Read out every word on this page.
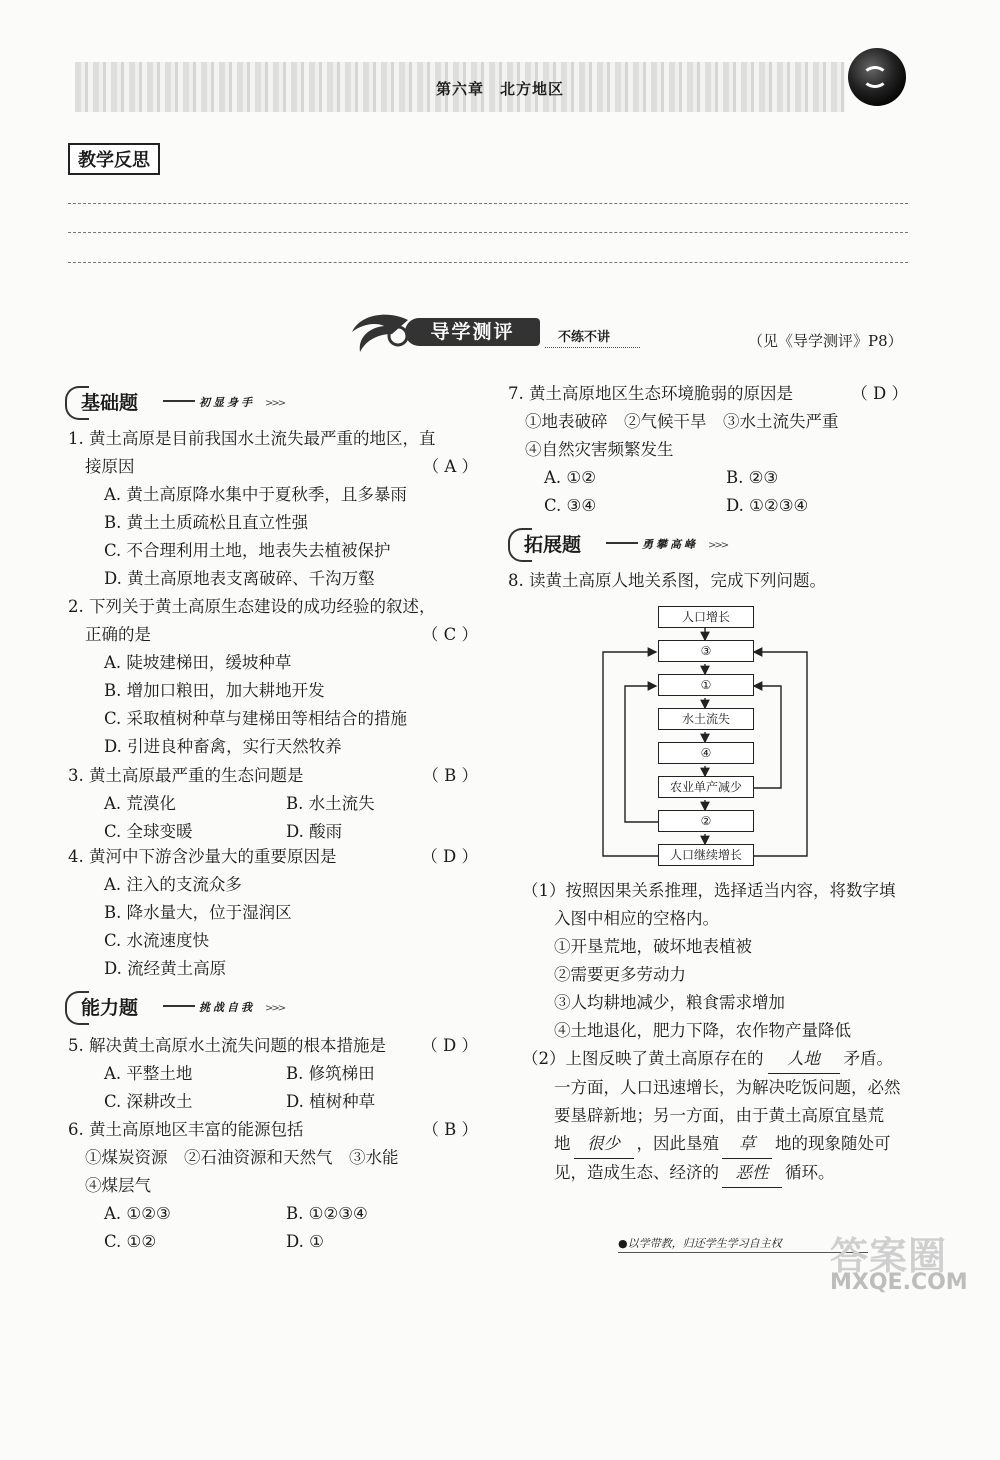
第六章　北方地区
教学反思
导学测评	不练不讲	（见《导学测评》P8）
基础题	初显身手 >>>
1. 黄土高原是目前我国水土流失最严重的地区，直
接原因	（ A ）
A. 黄土高原降水集中于夏秋季，且多暴雨
B. 黄土土质疏松且直立性强
C. 不合理利用土地，地表失去植被保护
D. 黄土高原地表支离破碎、千沟万壑
2. 下列关于黄土高原生态建设的成功经验的叙述，
正确的是	（ C ）
A. 陡坡建梯田，缓坡种草
B. 增加口粮田，加大耕地开发
C. 采取植树种草与建梯田等相结合的措施
D. 引进良种畜禽，实行天然牧养
3. 黄土高原最严重的生态问题是	（ B ）
A. 荒漠化	B. 水土流失
C. 全球变暖	D. 酸雨
4. 黄河中下游含沙量大的重要原因是	（ D ）
A. 注入的支流众多
B. 降水量大，位于湿润区
C. 水流速度快
D. 流经黄土高原
能力题	挑战自我 >>>
5. 解决黄土高原水土流失问题的根本措施是	（ D ）
A. 平整土地	B. 修筑梯田
C. 深耕改土	D. 植树种草
6. 黄土高原地区丰富的能源包括	（ B ）
①煤炭资源　②石油资源和天然气　③水能
④煤层气
A. ①②③	B. ①②③④
C. ①②	D. ①
7. 黄土高原地区生态环境脆弱的原因是	（ D ）
①地表破碎　②气候干旱　③水土流失严重
④自然灾害频繁发生
A. ①②	B. ②③
C. ③④	D. ①②③④
拓展题	勇攀高峰 >>>
8. 读黄土高原人地关系图，完成下列问题。
人口增长
③
①
水土流失
④
农业单产减少
②
人口继续增长
（1）按照因果关系推理，选择适当内容，将数字填
入图中相应的空格内。
①开垦荒地，破坏地表植被
②需要更多劳动力
③人均耕地减少，粮食需求增加
④土地退化，肥力下降，农作物产量降低
（2）上图反映了黄土高原存在的 人地 矛盾。
一方面，人口迅速增长，为解决吃饭问题，必然
要垦辟新地；另一方面，由于黄土高原宜垦荒
地 很少 ，因此垦殖 草 地的现象随处可
见，造成生态、经济的 恶性 循环。
●以学带教，归还学生学习自主权 答案圈
MXQE.COM
